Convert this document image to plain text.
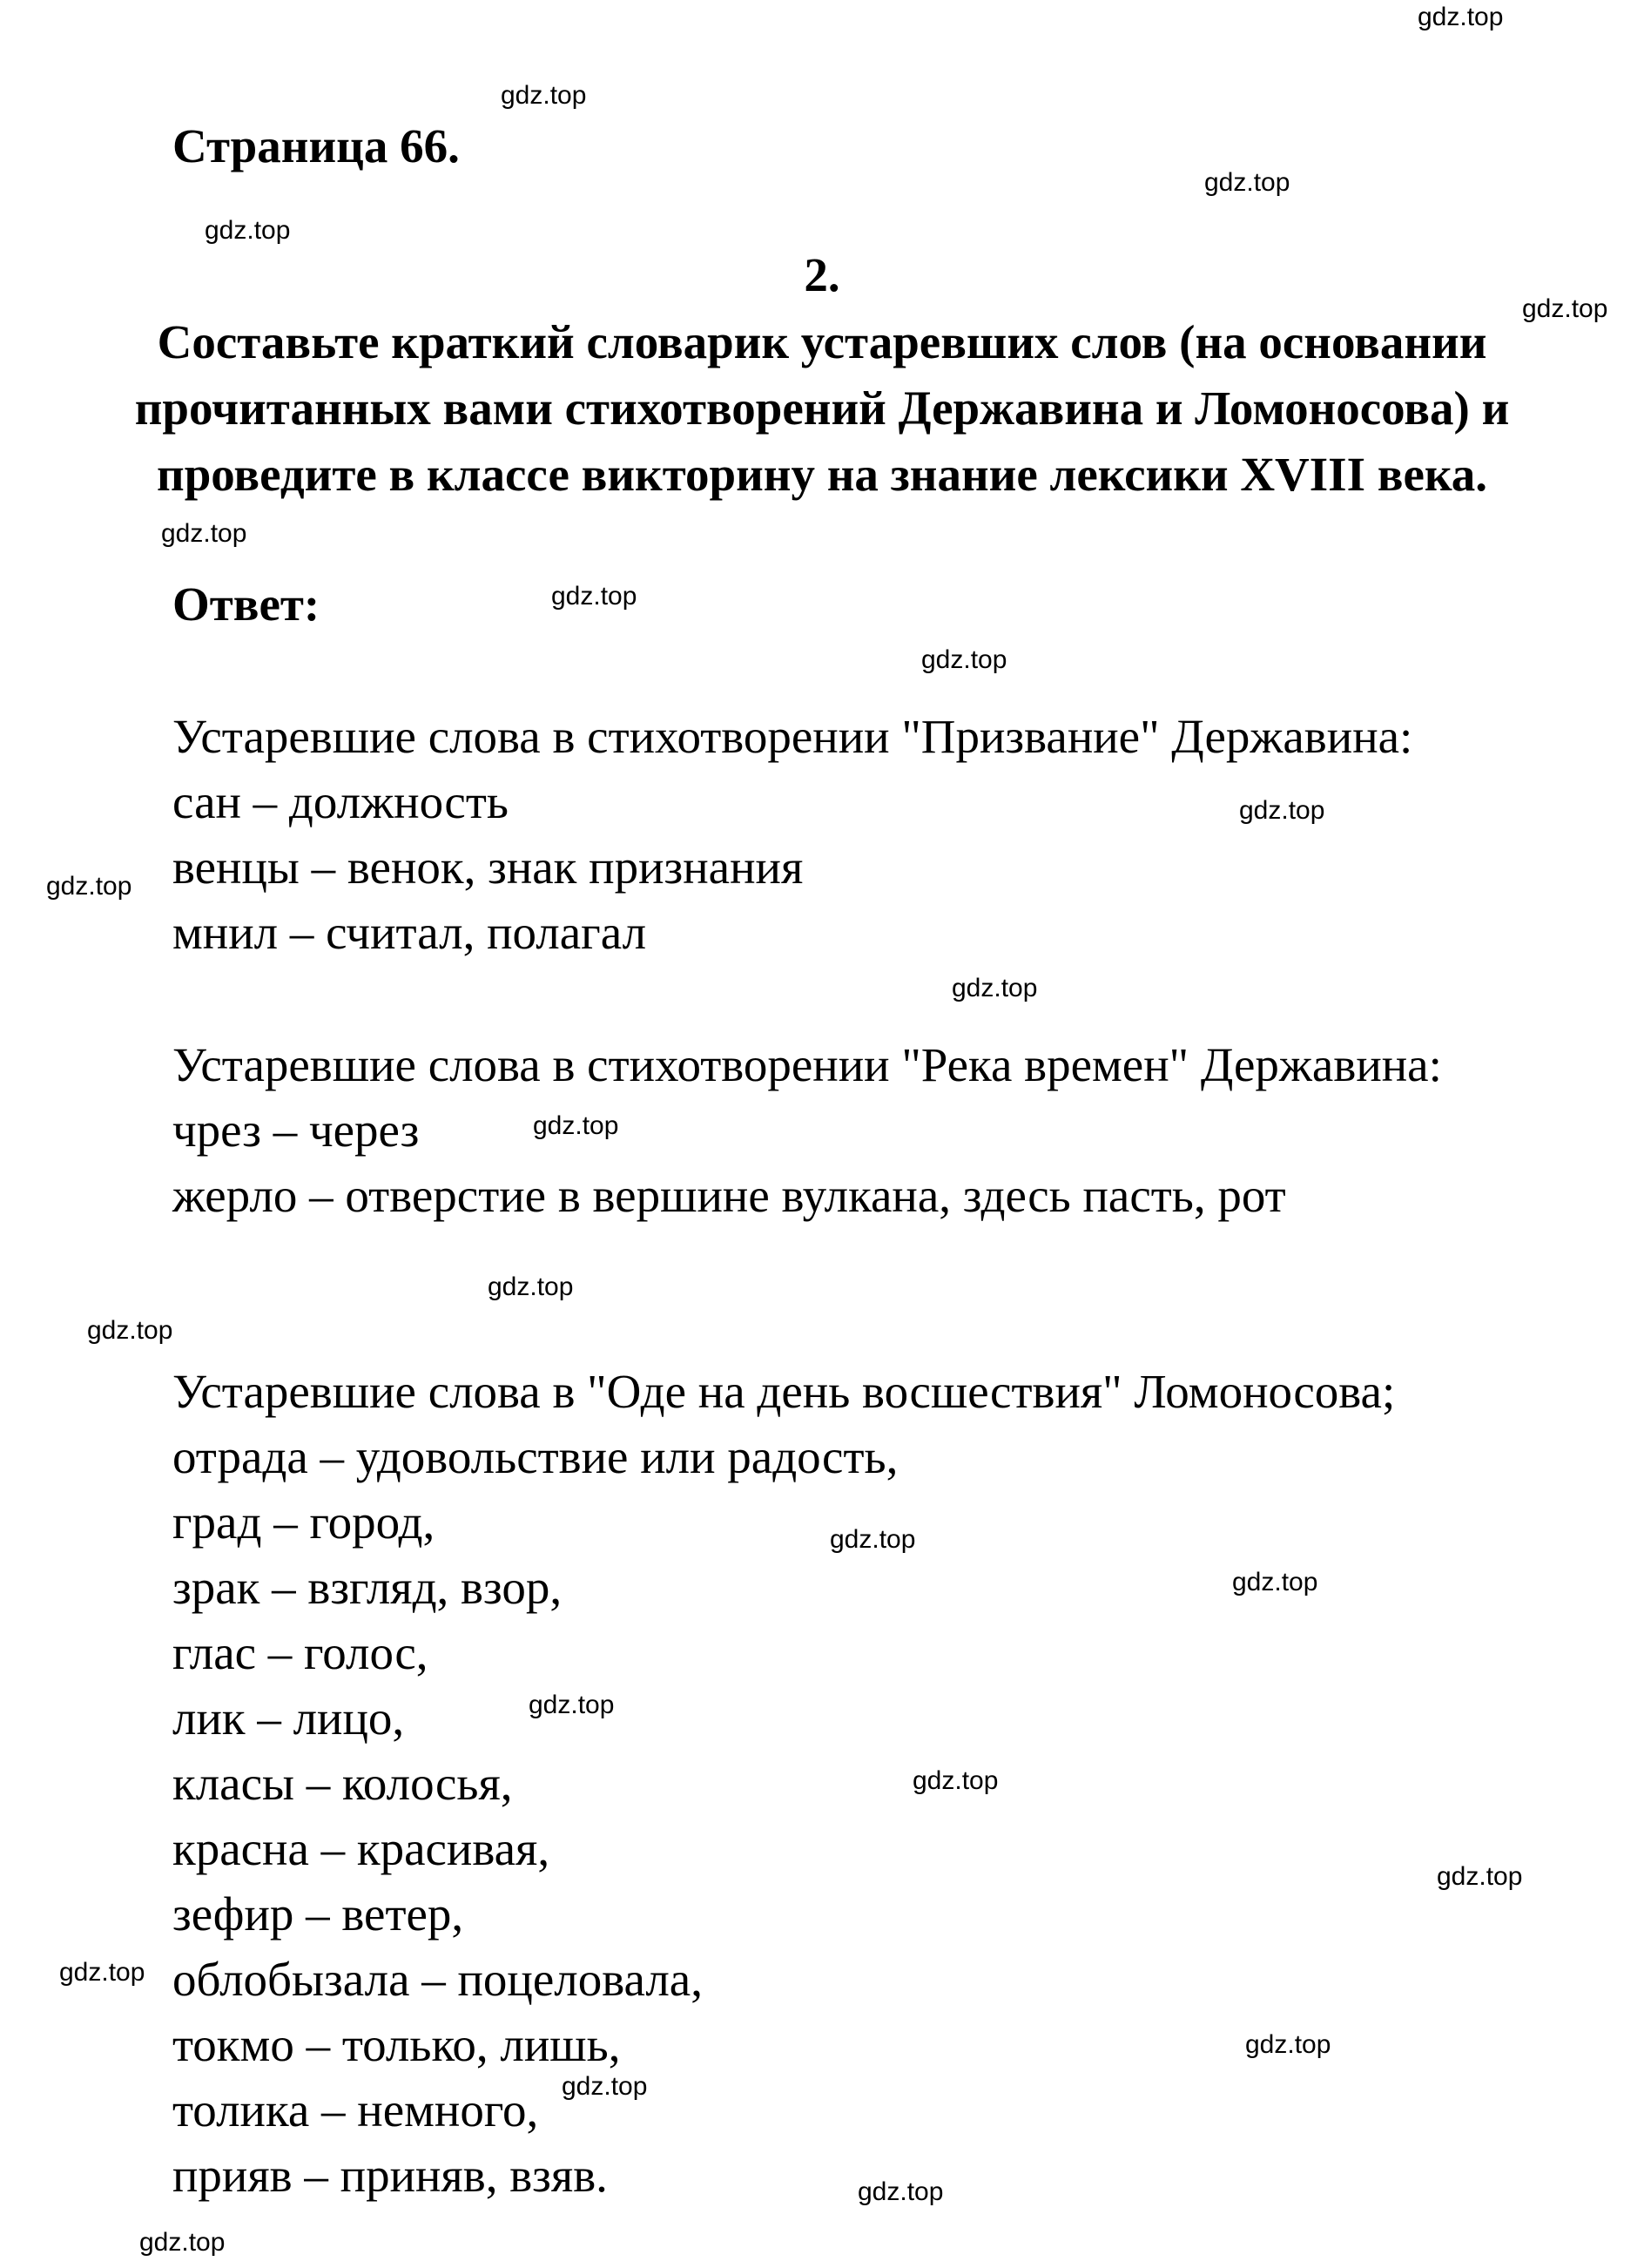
Страница 66.
2.
Составьте краткий словарик устаревших слов (на основании
прочитанных вами стихотворений Державина и Ломоносова) и
проведите в классе викторину на знание лексики XVIII века.
Ответ:
Устаревшие слова в стихотворении "Призвание" Державина:
сан – должность
венцы – венок, знак признания
мнил – считал, полагал
Устаревшие слова в стихотворении "Река времен" Державина:
чрез – через
жерло – отверстие в вершине вулкана, здесь пасть, рот
Устаревшие слова в "Оде на день восшествия" Ломоносова;
отрада – удовольствие или радость,
град – город,
зрак – взгляд, взор,
глас – голос,
лик – лицо,
класы – колосья,
красна – красивая,
зефир – ветер,
облобызала – поцеловала,
токмо – только, лишь,
толика – немного,
прияв – приняв, взяв.
gdz.top
gdz.top
gdz.top
gdz.top
gdz.top
gdz.top
gdz.top
gdz.top
gdz.top
gdz.top
gdz.top
gdz.top
gdz.top
gdz.top
gdz.top
gdz.top
gdz.top
gdz.top
gdz.top
gdz.top
gdz.top
gdz.top
gdz.top
gdz.top
